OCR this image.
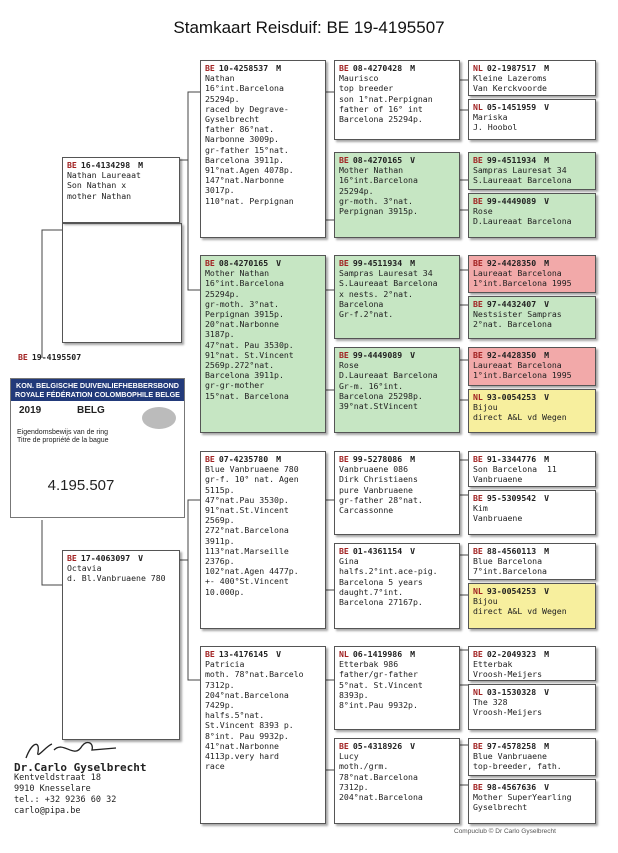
Stamkaart Reisduif: BE 19-4195507
BE 19-4195507
KON. BELGISCHE DUIVENLIEFHEBBERSBOND
ROYALE FÉDÉRATION COLOMBOPHILE BELGE
2019	BELG
Eigendomsbewijs van de ring
Titre de propriété de la bague
4.195.507
BE 16-4134298 M
Nathan Laureaat
Son Nathan x
mother Nathan
BE 17-4063097 V
Octavia
d. Bl.Vanbruaene 780
BE 10-4258537 M
Nathan
16°int.Barcelona
25294p.
raced by Degrave-
Gyselbrecht
father 86°nat.
Narbonne 3009p.
gr-father 15°nat.
Barcelona 3911p.
91°nat.Agen 4078p.
147°nat.Narbonne
3017p.
110°nat. Perpignan
BE 08-4270165 V
Mother Nathan
16°int.Barcelona
25294p.
gr-moth. 3°nat.
Perpignan 3915p.
20°nat.Narbonne
3187p.
47°nat. Pau 3530p.
91°nat. St.Vincent
2569p.272°nat.
Barcelona 3911p.
gr-gr-mother
15°nat. Barcelona
BE 07-4235780 M
Blue Vanbruaene 780
gr-f. 10° nat. Agen
5115p.
47°nat.Pau 3530p.
91°nat.St.Vincent
2569p.
272°nat.Barcelona
3911p.
113°nat.Marseille
2376p.
102°nat.Agen 4477p.
+- 400°St.Vincent
10.000p.
BE 13-4176145 V
Patricia
moth. 78°nat.Barcelo
7312p.
204°nat.Barcelona
7429p.
halfs.5°nat.
St.Vincent 8393 p.
8°int. Pau 9932p.
41°nat.Narbonne
4113p.very hard
race
BE 08-4270428 M
Maurisco
top breeder
son 1°nat.Perpignan
father of 16° int
Barcelona 25294p.
BE 08-4270165 V
Mother Nathan
16°int.Barcelona
25294p.
gr-moth. 3°nat.
Perpignan 3915p.
BE 99-4511934 M
Sampras Lauresat 34
S.Laureaat Barcelona
x nests. 2°nat.
Barcelona
Gr-f.2°nat.
BE 99-4449089 V
Rose
D.Laureaat Barcelona
Gr-m. 16°int.
Barcelona 25298p.
39°nat.StVincent
BE 99-5278086 M
Vanbruaene 086
Dirk Christiaens
pure Vanbruaene
gr-father 28°nat.
Carcassonne
BE 01-4361154 V
Gina
halfs.2°int.ace-pig.
Barcelona 5 years
daught.7°int.
Barcelona 27167p.
NL 06-1419986 M
Etterbak 986
father/gr-father
5°nat. St.Vincent
8393p.
8°int.Pau 9932p.
BE 05-4318926 V
Lucy
moth./grm.
78°nat.Barcelona
7312p.
204°nat.Barcelona
NL 02-1987517 M
Kleine Lazeroms
Van Kerckvoorde
NL 05-1451959 V
Mariska
J. Hoobol
BE 99-4511934 M
Sampras Lauresat 34
S.Laureaat Barcelona
BE 99-4449089 V
Rose
D.Laureaat Barcelona
BE 92-4428350 M
Laureaat Barcelona
1°int.Barcelona 1995
BE 97-4432407 V
Nestsister Sampras
2°nat. Barcelona
BE 92-4428350 M
Laureaat Barcelona
1°int.Barcelona 1995
NL 93-0054253 V
Bijou
direct A&L vd Wegen
BE 91-3344776 M
Son Barcelona  11
Vanbruaene
BE 95-5309542 V
Kim
Vanbruaene
BE 88-4560113 M
Blue Barcelona
7°int.Barcelona
NL 93-0054253 V
Bijou
direct A&L vd Wegen
BE 02-2049323 M
Etterbak
Vroosh-Meijers
NL 03-1530328 V
The 328
Vroosh-Meijers
BE 97-4578258 M
Blue Vanbruaene
top-breeder, fath.
BE 98-4567636 V
Mother SuperYearling
Gyselbrecht
Dr.Carlo Gyselbrecht
Kentveldstraat 18
9910 Knesselare
tel.: +32 9236 60 32
carlo@pipa.be
Compuclub © Dr Carlo Gyselbrecht
